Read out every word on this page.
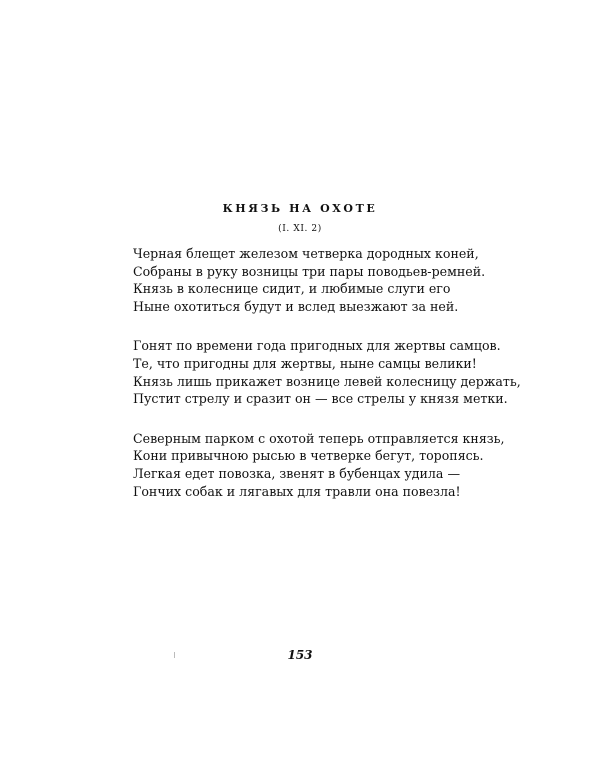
КНЯЗЬ НА ОХОТЕ
(I. XI. 2)
Черная блещет железом четверка дородных коней,
Собраны в руку возницы три пары поводьев-ремней.
Князь в колеснице сидит, и любимые слуги его
Ныне охотиться будут и вслед выезжают за ней.
Гонят по времени года пригодных для жертвы самцов.
Те, что пригодны для жертвы, ныне самцы велики!
Князь лишь прикажет вознице левей колесницу держать,
Пустит стрелу и сразит он — все стрелы у князя метки.
Северным парком с охотой теперь отправляется князь,
Кони привычною рысью в четверке бегут, торопясь.
Легкая едет повозка, звенят в бубенцах удила —
Гончих собак и лягавых для травли она повезла!
153
